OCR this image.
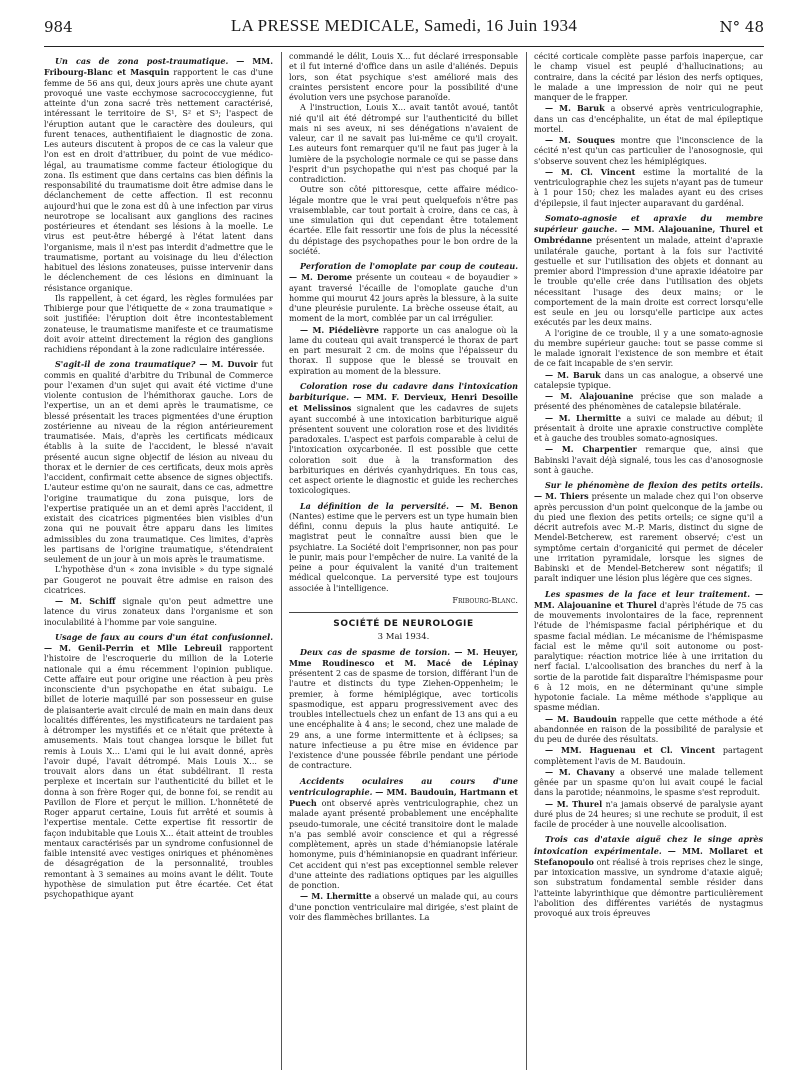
984	LA PRESSE MEDICALE, Samedi, 16 Juin 1934	N° 48

Un cas de zona post-traumatique. — MM. Fribourg-Blanc et Masquin rapportent le cas d'une femme de 56 ans qui, deux jours après une chute ayant provoqué une vaste ecchymose sacrococcygienne, fut atteinte d'un zona sacré très nettement caractérisé, intéressant le territoire de S¹, S² et S³; l'aspect de l'éruption autant que le caractère des douleurs, qui furent tenaces, authentifiaient le diagnostic de zona. Les auteurs discutent à propos de ce cas la valeur que l'on est en droit d'attribuer, du point de vue médico-légal, au traumatisme comme facteur étiologique du zona. Ils estiment que dans certains cas bien définis la responsabilité du traumatisme doit être admise dans le déclanchement de cette affection. Il est reconnu aujourd'hui que le zona est dû à une infection par virus neurotrope se localisant aux ganglions des racines postérieures et étendant ses lésions à la moelle. Le virus est peut-être hébergé à l'état latent dans l'organisme, mais il n'est pas interdit d'admettre que le traumatisme, portant au voisinage du lieu d'élection habituel des lésions zonateuses, puisse intervenir dans le déclenchement de ces lésions en diminuant la résistance organique.

Ils rappellent, à cet égard, les règles formulées par Thibierge pour que l'étiquette de « zona traumatique » soit justifiée: l'éruption doit être incontestablement zonateuse, le traumatisme manifeste et ce traumatisme doit avoir atteint directement la région des ganglions rachidiens répondant à la zone radiculaire intéressée.

S'agit-il de zona traumatique? — M. Duvoir fut commis en qualité d'arbitre du Tribunal de Commerce pour l'examen d'un sujet qui avait été victime d'une violente contusion de l'hémithorax gauche. Lors de l'expertise, un an et demi après le traumatisme, ce blessé présentait les traces pigmentées d'une éruption zostérienne au niveau de la région antérieurement traumatisée. Mais, d'après les certificats médicaux établis à la suite de l'accident, le blessé n'avait présenté aucun signe objectif de lésion au niveau du thorax et le dernier de ces certificats, deux mois après l'accident, confirmait cette absence de signes objectifs. L'auteur estime qu'on ne saurait, dans ce cas, admettre l'origine traumatique du zona puisque, lors de l'expertise pratiquée un an et demi après l'accident, il existait des cicatrices pigmentées bien visibles d'un zona qui ne pouvait être apparu dans les limites admissibles du zona traumatique. Ces limites, d'après les partisans de l'origine traumatique, s'étendraient seulement de un jour à un mois après le traumatisme.

L'hypothèse d'un « zona invisible » du type signalé par Gougerot ne pouvait être admise en raison des cicatrices.

— M. Schiff signale qu'on peut admettre une latence du virus zonateux dans l'organisme et son inoculabilité à l'homme par voie sanguine.

Usage de faux au cours d'un état confusionnel. — M. Genil-Perrin et Mlle Lebreuil rapportent l'histoire de l'escroquerie du million de la Loterie nationale qui a ému récemment l'opinion publique. Cette affaire eut pour origine une réaction à peu près inconsciente d'un psychopathe en état subaigu. Le billet de loterie maquillé par son possesseur en guise de plaisanterie avait circulé de main en main dans deux localités différentes, les mystificateurs ne tardaient pas à détromper les mystifiés et ce n'était que prétexte à amusements. Mais tout changea lorsque le billet fut remis à Louis X... L'ami qui le lui avait donné, après l'avoir dupé, l'avait détrompé. Mais Louis X... se trouvait alors dans un état subdélirant. Il resta perplexe et incertain sur l'authenticité du billet et le donna à son frère Roger qui, de bonne foi, se rendit au Pavillon de Flore et perçut le million. L'honnêteté de Roger apparut certaine, Louis fut arrêté et soumis à l'expertise mentale. Cette expertise fit ressortir de façon indubitable que Louis X... était atteint de troubles mentaux caractérisés par un syndrome confusionnel de faible intensité avec vestiges oniriques et phénomènes de désagrégation de la personnalité, troubles remontant à 3 semaines au moins avant le délit. Toute hypothèse de simulation put être écartée. Cet état psychopathique ayant

commandé le délit, Louis X... fut déclaré irresponsable et il fut interné d'office dans un asile d'aliénés. Depuis lors, son état psychique s'est amélioré mais des craintes persistent encore pour la possibilité d'une évolution vers une psychose paranoïde.

A l'instruction, Louis X... avait tantôt avoué, tantôt nié qu'il ait été détrompé sur l'authenticité du billet mais ni ses aveux, ni ses dénégations n'avaient de valeur, car il ne savait pas lui-même ce qu'il croyait. Les auteurs font remarquer qu'il ne faut pas juger à la lumière de la psychologie normale ce qui se passe dans l'esprit d'un psychopathe qui n'est pas choqué par la contradiction.

Outre son côté pittoresque, cette affaire médico-légale montre que le vrai peut quelquefois n'être pas vraisemblable, car tout portait à croire, dans ce cas, à une simulation qui dut cependant être totalement écartée. Elle fait ressortir une fois de plus la nécessité du dépistage des psychopathes pour le bon ordre de la société.

Perforation de l'omoplate par coup de couteau. — M. Derome présente un couteau « de boyaudier » ayant traversé l'écaille de l'omoplate gauche d'un homme qui mourut 42 jours après la blessure, à la suite d'une pleurésie purulente. La brèche osseuse était, au moment de la mort, comblée par un cal irrégulier.

— M. Piédelièvre rapporte un cas analogue où la lame du couteau qui avait transpercé le thorax de part en part mesurait 2 cm. de moins que l'épaisseur du thorax. Il suppose que le blessé se trouvait en expiration au moment de la blessure.

Coloration rose du cadavre dans l'intoxication barbiturique. — MM. F. Dervieux, Henri Desoille et Melissinos signalent que les cadavres de sujets ayant succombé à une intoxication barbiturique aiguë présentent souvent une coloration rose et des lividités paradoxales. L'aspect est parfois comparable à celui de l'intoxication oxycarbonée. Il est possible que cette coloration soit due à la transformation des barbituriques en dérivés cyanhydriques. En tous cas, cet aspect oriente le diagnostic et guide les recherches toxicologiques.

La définition de la perversité. — M. Benon (Nantes) estime que le pervers est un type humain bien défini, connu depuis la plus haute antiquité. Le magistrat peut le connaître aussi bien que le psychiatre. La Société doit l'emprisonner, non pas pour le punir, mais pour l'empêcher de nuire. La vanité de la peine a pour équivalent la vanité d'un traitement médical quelconque. La perversité type est toujours associée à l'intelligence.

Fribourg-Blanc.

SOCIÉTÉ DE NEUROLOGIE
3 Mai 1934.

Deux cas de spasme de torsion. — M. Heuyer, Mme Roudinesco et M. Macé de Lépinay présentent 2 cas de spasme de torsion, différant l'un de l'autre et distincts du type Ziehen-Oppenheim; le premier, à forme hémiplégique, avec torticolis spasmodique, est apparu progressivement avec des troubles intellectuels chez un enfant de 13 ans qui a eu une encéphalite à 4 ans; le second, chez une malade de 29 ans, a une forme intermittente et à éclipses; sa nature infectieuse a pu être mise en évidence par l'existence d'une poussée fébrile pendant une période de contracture.

Accidents oculaires au cours d'une ventriculographie. — MM. Baudouin, Hartmann et Puech ont observé après ventriculographie, chez un malade ayant présenté probablement une encéphalite pseudo-tumorale, une cécité transitoire dont le malade n'a pas semblé avoir conscience et qui a régressé complètement, après un stade d'hémianopsie latérale homonyme, puis d'héminianopsie en quadrant inférieur. Cet accident qui n'est pas exceptionnel semble relever d'une atteinte des radiations optiques par les aiguilles de ponction.

— M. Lhermitte a observé un malade qui, au cours d'une ponction ventriculaire mal dirigée, s'est plaint de voir des flammèches brillantes. La

cécité corticale complète passe parfois inaperçue, car le champ visuel est peuplé d'hallucinations; au contraire, dans la cécité par lésion des nerfs optiques, le malade a une impression de noir qui ne peut manquer de le frapper.

— M. Baruk a observé après ventriculographie, dans un cas d'encéphalite, un état de mal épileptique mortel.

— M. Souques montre que l'inconscience de la cécité n'est qu'un cas particulier de l'anosognosie, qui s'observe souvent chez les hémiplégiques.

— M. Cl. Vincent estime la mortalité de la ventriculographie chez les sujets n'ayant pas de tumeur à 1 pour 150; chez les malades ayant eu des crises d'épilepsie, il faut injecter auparavant du gardénal.

Somato-agnosie et apraxie du membre supérieur gauche. — MM. Alajouanine, Thurel et Ombrédanne présentent un malade, atteint d'apraxie unilatérale gauche, portant à la fois sur l'activité gestuelle et sur l'utilisation des objets et donnant au premier abord l'impression d'une apraxie idéatoire par le trouble qu'elle crée dans l'utilisation des objets nécessitant l'usage des deux mains; or le comportement de la main droite est correct lorsqu'elle est seule en jeu ou lorsqu'elle participe aux actes exécutés par les deux mains.

A l'origine de ce trouble, il y a une somato-agnosie du membre supérieur gauche: tout se passe comme si le malade ignorait l'existence de son membre et était de ce fait incapable de s'en servir.

— M. Baruk dans un cas analogue, a observé une catalepsie typique.

— M. Alajouanine précise que son malade a présenté des phénomènes de catalepsie bilatérale.

— M. Lhermitte a suivi ce malade au début; il présentait à droite une apraxie constructive complète et à gauche des troubles somato-agnosiques.

— M. Charpentier remarque que, ainsi que Babinski l'avait déjà signalé, tous les cas d'anosognosie sont à gauche.

Sur le phénomène de flexion des petits orteils. — M. Thiers présente un malade chez qui l'on observe après percussion d'un point quelconque de la jambe ou du pied une flexion des petits orteils; ce signe qu'il a décrit autrefois avec M.-P. Maris, distinct du signe de Mendel-Betcherew, est rarement observé; c'est un symptôme certain d'organicité qui permet de déceler une irritation pyramidale, lorsque les signes de Babinski et de Mendel-Betcherew sont négatifs; il paraît indiquer une lésion plus légère que ces signes.

Les spasmes de la face et leur traitement. — MM. Alajouanine et Thurel d'après l'étude de 75 cas de mouvements involontaires de la face, reprennent l'étude de l'hémispasme facial périphérique et du spasme facial médian. Le mécanisme de l'hémispasme facial est le même qu'il soit autonome ou post-paralytique: réaction motrice liée à une irritation du nerf facial. L'alcoolisation des branches du nerf à la sortie de la parotide fait disparaître l'hémispasme pour 6 à 12 mois, en ne déterminant qu'une simple hypotonie faciale. La même méthode s'applique au spasme médian.

— M. Baudouin rappelle que cette méthode a été abandonnée en raison de la possibilité de paralysie et du peu de durée des résultats.

— MM. Haguenau et Cl. Vincent partagent complètement l'avis de M. Baudouin.

— M. Chavany a observé une malade tellement gênée par un spasme qu'on lui avait coupé le facial dans la parotide; néanmoins, le spasme s'est reproduit.

— M. Thurel n'a jamais observé de paralysie ayant duré plus de 24 heures; si une rechute se produit, il est facile de procéder à une nouvelle alcoolisation.

Trois cas d'ataxie aiguë chez le singe après intoxication expérimentale. — MM. Mollaret et Stefanopoulo ont réalisé à trois reprises chez le singe, par intoxication massive, un syndrome d'ataxie aiguë; son substratum fondamental semble résider dans l'atteinte labyrinthique que démontre particulièrement l'abolition des différentes variétés de nystagmus provoqué aux trois épreuves
